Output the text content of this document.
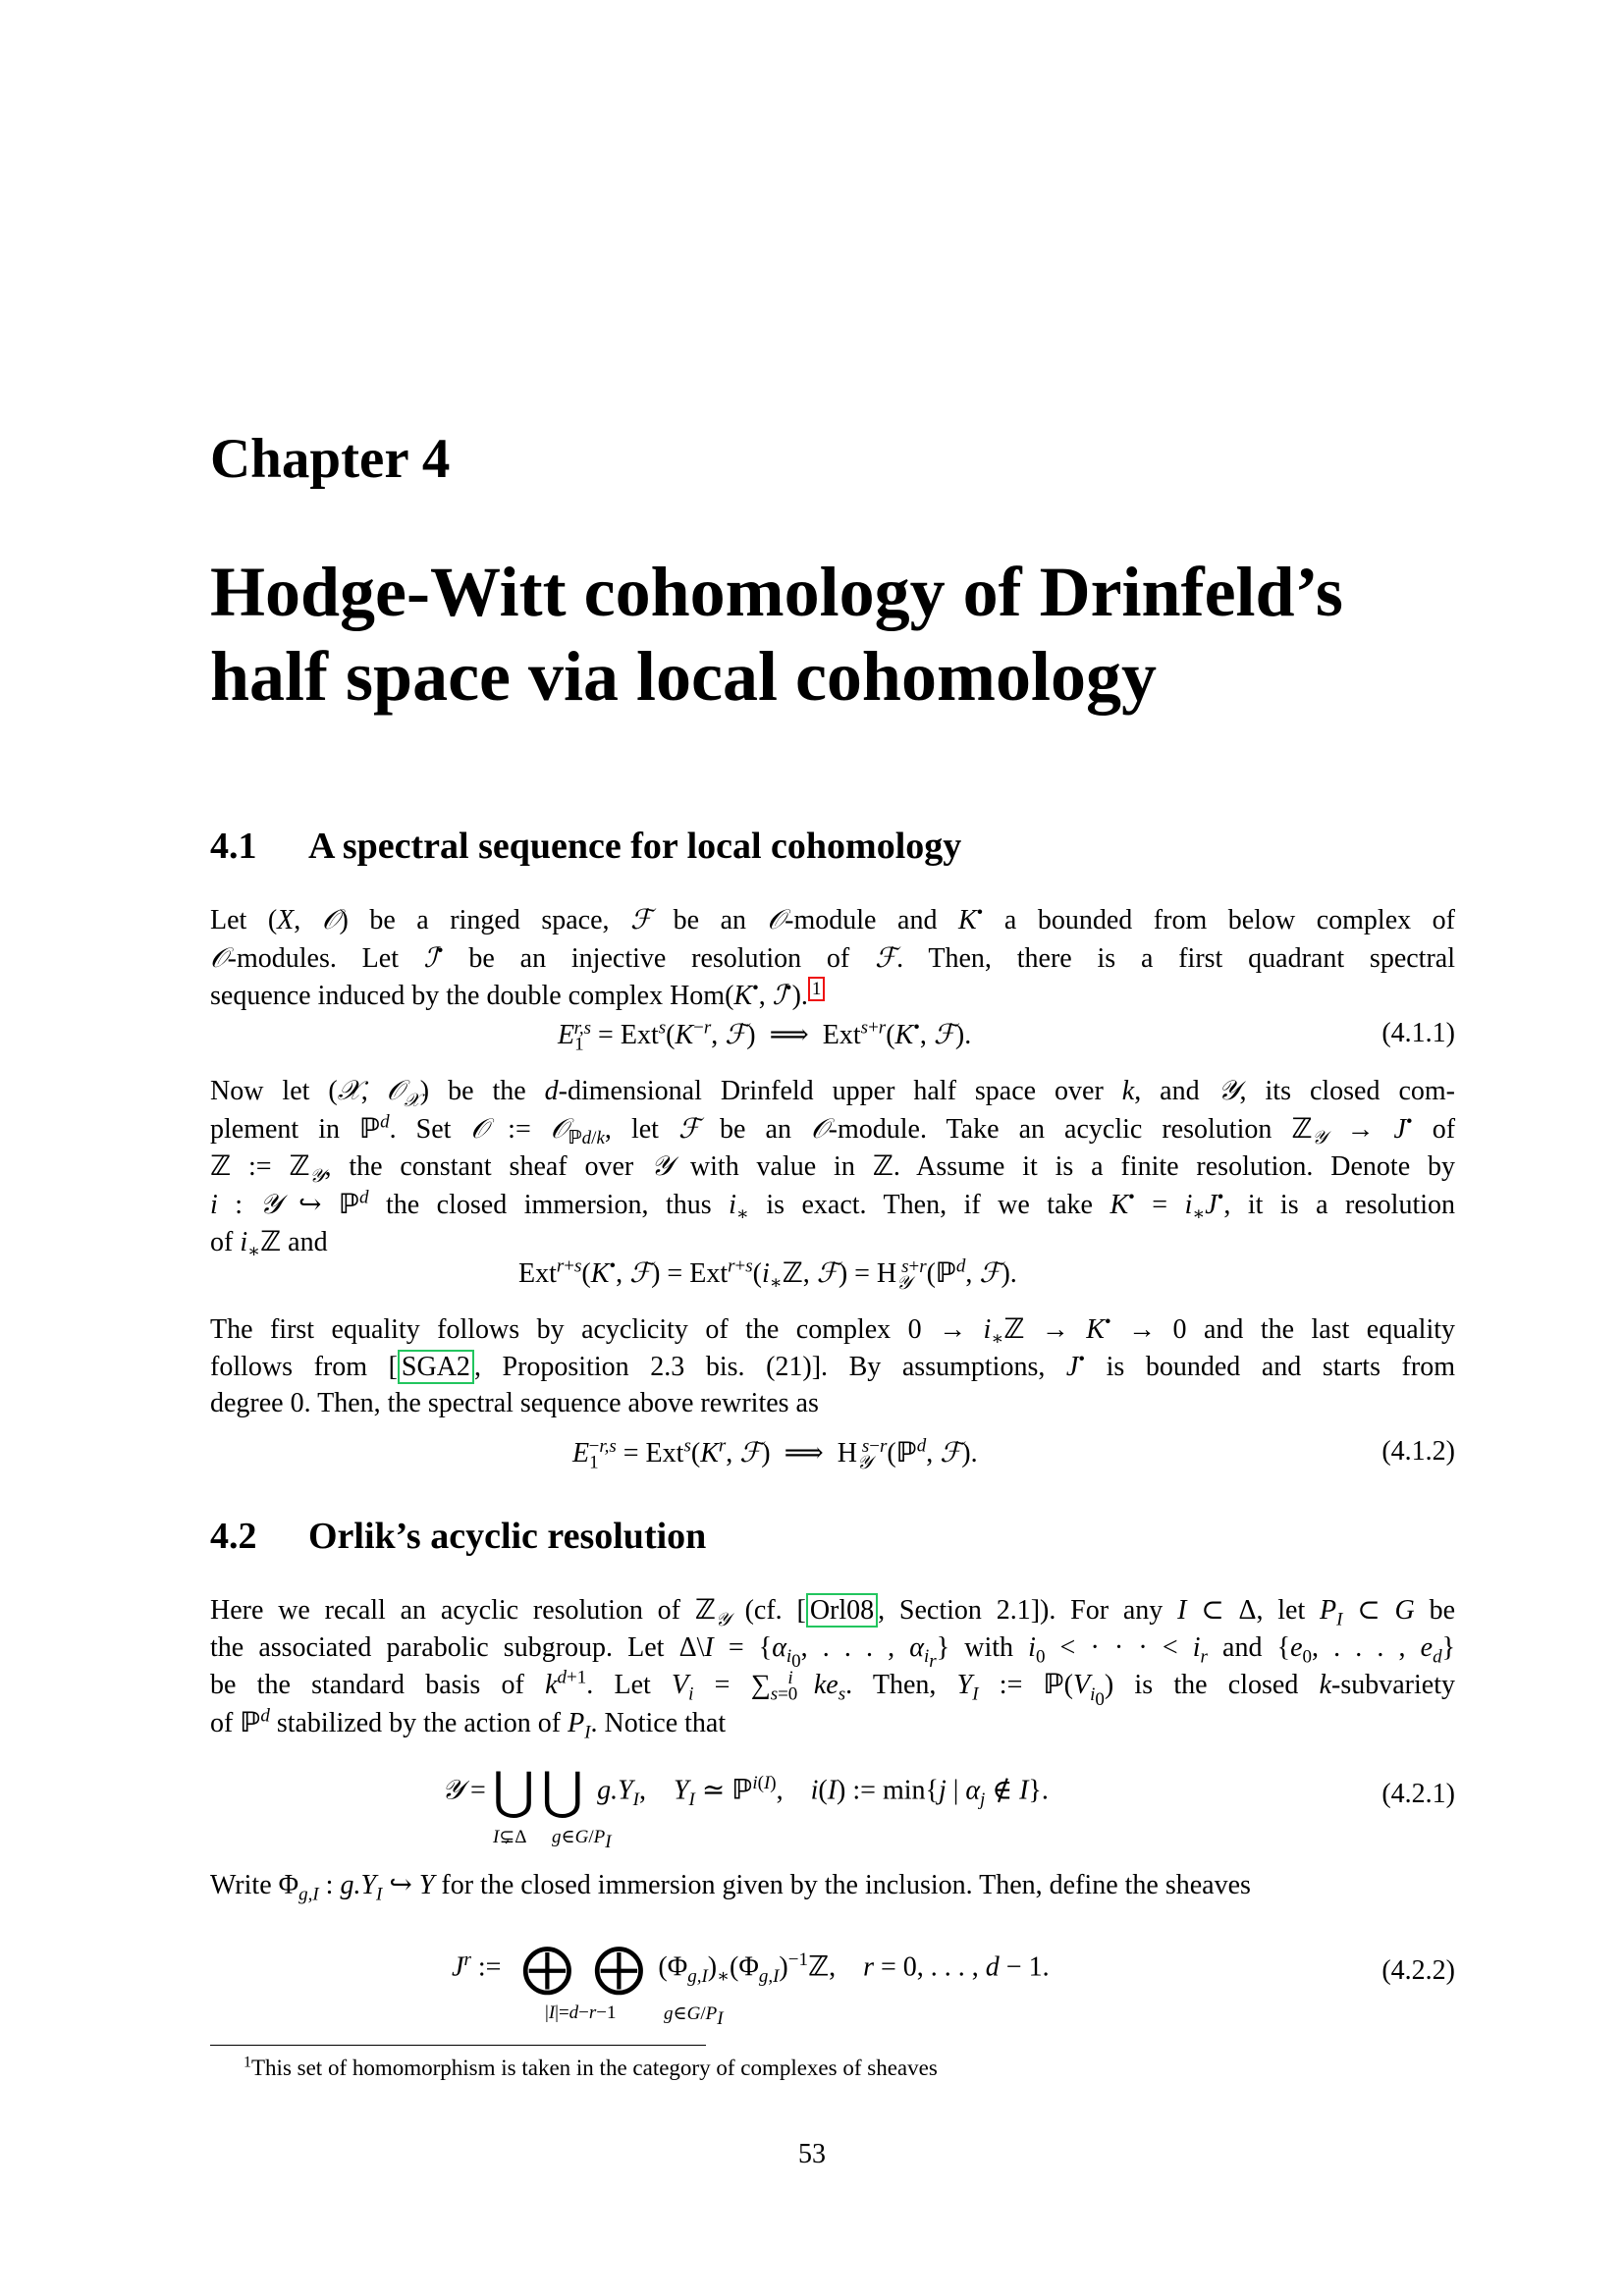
Chapter 4
Hodge-Witt cohomology of Drinfeld’s half space via local cohomology
4.1 A spectral sequence for local cohomology
Let (X, 𝒪) be a ringed space, ℱ be an 𝒪-module and K• a bounded from below complex of
𝒪-modules. Let ℐ• be an injective resolution of ℱ. Then, there is a first quadrant spectral
sequence induced by the double complex Hom(K•, ℐ•). $^1$
$E_1^{r,s} = Ext^s(K^{-r}$, ℱ)  ⟹  Ext$^{s+r}$(K•, ℱ).	(4.1.1)
Now let (𝒳, 𝒪$_𝒳$) be the d-dimensional Drinfeld upper half space over k, and 𝒴, its closed com-
plement in ℙ$^d$. Set 𝒪 := 𝒪$_{ℙd/k}$, let ℱ be an 𝒪-module. Take an acyclic resolution ℤ$_𝒴$ → J• of
ℤ := ℤ$_𝒴$, the constant sheaf over 𝒴 with value in ℤ. Assume it is a finite resolution. Denote by
i : 𝒴 ↪ ℙ$^d$ the closed immersion, thus $i_∗$ is exact. Then, if we take $K^• = i_∗J^•$, it is a resolution
of $i_∗ℤ$ and
Ext$^{r+s}$(K•, ℱ) = $Ext^{r+s}(i_∗ℤ$, ℱ) = $H_𝒴^{s+r}(ℙ^d$, ℱ).
The first equality follows by acyclicity of the complex $0 \to i_∗ℤ \to K^• \to 0$ and the last equality
follows from [ SGA2 , Proposition 2.3 bis. (21)]. By assumptions, J• is bounded and starts from
degree 0. Then, the spectral sequence above rewrites as
$E_1^{-r,s} = Ext^s(K^r$, ℱ)  ⟹  $H_𝒴^{s-r}(ℙ^d$, ℱ).	(4.1.2)
4.2 Orlik’s acyclic resolution
Here we recall an acyclic resolution of ℤ$_𝒴$ (cf. [ Orl08 , Section 2.1]). For any I ⊂ Δ, let $P_I$ ⊂ G be
the associated parabolic subgroup. Let Δ\I = {$\alpha_{i_0}$, . . . , $\alpha_{i_r}$} with $i_0$ < · · · < $i_r$ and {$e_0$, . . . , $e_d$}
be the standard basis of $k^{d+1}$. Let $V_i = \sum_{s=0}^i$ $ke_s$. Then, $Y_I$ := $ℙ(V_{i_0})$ is the closed k-subvariety
of ℙ$^d$ stabilized by the action of $P_I$. Notice that
𝒴 = ⋃ ⋃ $g.Y_I$,    $Y_I$ ≃ ℙ$^{i(I)}$,    i(I) := min{j | $\alpha_j$ ∉ I}.
I⊊Δ $g\in G/P_I$
(4.2.1)
Write $\Phi_{g,I}$ : $g.Y_I$ ↪ Y for the closed immersion given by the inclusion. Then, define the sheaves
$J^r$ :=   ⨁ ⨁  $(\Phi_{g,I})_∗(\Phi_{g,I})^{-1}ℤ$,    r = 0, . . . , d − 1.
|I|=d−r−1	$g\in G/P_I$
(4.2.2)
$^1$This set of homomorphism is taken in the category of complexes of sheaves
53
